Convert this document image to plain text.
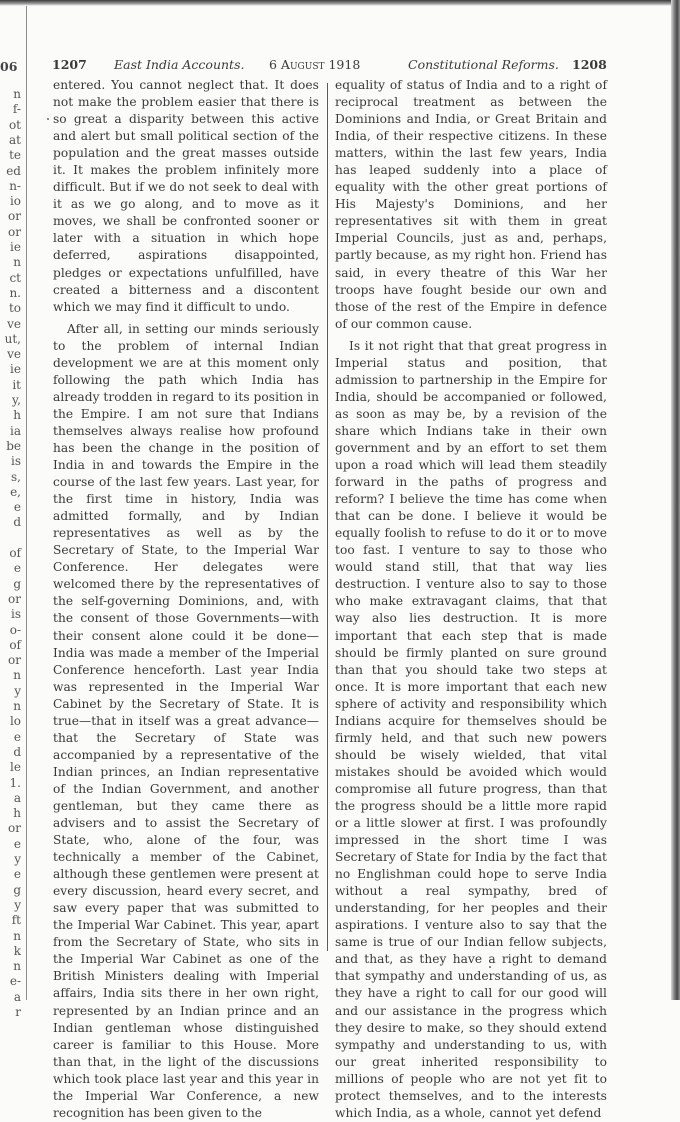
06
n
f-
ot
at
te
ed
n-
io
or
or
ie
n
ct
n.
to
ve
ut,
ve
ie
it
y,
h
ia
be
is
s,
e,
e
d
of
e
g
or
is
o-
of
or
n
y
n
lo
e
d
le
1.
a
h
or
e
y
e
g
y
ft
n
k
n
e-
a
r
1207 East India Accounts. 6 August 1918	Constitutional Reforms. 1208

entered. You cannot neglect that. It does not make the problem easier that there is so great a disparity between this active and alert but small political section of the population and the great masses outside it. It makes the problem infinitely more difficult. But if we do not seek to deal with it as we go along, and to move as it moves, we shall be confronted sooner or later with a situation in which hope deferred, aspirations disappointed, pledges or expectations unfulfilled, have created a bitterness and a discontent which we may find it difficult to undo.

After all, in setting our minds seriously to the problem of internal Indian development we are at this moment only following the path which India has already trodden in regard to its position in the Empire. I am not sure that Indians themselves always realise how profound has been the change in the position of India in and towards the Empire in the course of the last few years. Last year, for the first time in history, India was admitted formally, and by Indian representatives as well as by the Secretary of State, to the Imperial War Conference. Her delegates were welcomed there by the representatives of the self-governing Dominions, and, with the consent of those Governments—with their consent alone could it be done—India was made a member of the Imperial Conference henceforth. Last year India was represented in the Imperial War Cabinet by the Secretary of State. It is true—that in itself was a great advance—that the Secretary of State was accompanied by a representative of the Indian princes, an Indian representative of the Indian Government, and another gentleman, but they came there as advisers and to assist the Secretary of State, who, alone of the four, was technically a member of the Cabinet, although these gentlemen were present at every discussion, heard every secret, and saw every paper that was submitted to the Imperial War Cabinet. This year, apart from the Secretary of State, who sits in the Imperial War Cabinet as one of the British Ministers dealing with Imperial affairs, India sits there in her own right, represented by an Indian prince and an Indian gentleman whose distinguished career is familiar to this House. More than that, in the light of the discussions which took place last year and this year in the Imperial War Conference, a new recognition has been given to the

equality of status of India and to a right of reciprocal treatment as between the Dominions and India, or Great Britain and India, of their respective citizens. In these matters, within the last few years, India has leaped suddenly into a place of equality with the other great portions of His Majesty's Dominions, and her representatives sit with them in great Imperial Councils, just as and, perhaps, partly because, as my right hon. Friend has said, in every theatre of this War her troops have fought beside our own and those of the rest of the Empire in defence of our common cause.

Is it not right that that great progress in Imperial status and position, that admission to partnership in the Empire for India, should be accompanied or followed, as soon as may be, by a revision of the share which Indians take in their own government and by an effort to set them upon a road which will lead them steadily forward in the paths of progress and reform? I believe the time has come when that can be done. I believe it would be equally foolish to refuse to do it or to move too fast. I venture to say to those who would stand still, that that way lies destruction. I venture also to say to those who make extravagant claims, that that way also lies destruction. It is more important that each step that is made should be firmly planted on sure ground than that you should take two steps at once. It is more important that each new sphere of activity and responsibility which Indians acquire for themselves should be firmly held, and that such new powers should be wisely wielded, that vital mistakes should be avoided which would compromise all future progress, than that the progress should be a little more rapid or a little slower at first. I was profoundly impressed in the short time I was Secretary of State for India by the fact that no Englishman could hope to serve India without a real sympathy, bred of understanding, for her peoples and their aspirations. I venture also to say that the same is true of our Indian fellow subjects, and that, as they have a right to demand that sympathy and understanding of us, as they have a right to call for our good will and our assistance in the progress which they desire to make, so they should extend sympathy and understanding to us, with our great inherited responsibility to millions of people who are not yet fit to protect themselves, and to the interests which India, as a whole, cannot yet defend
